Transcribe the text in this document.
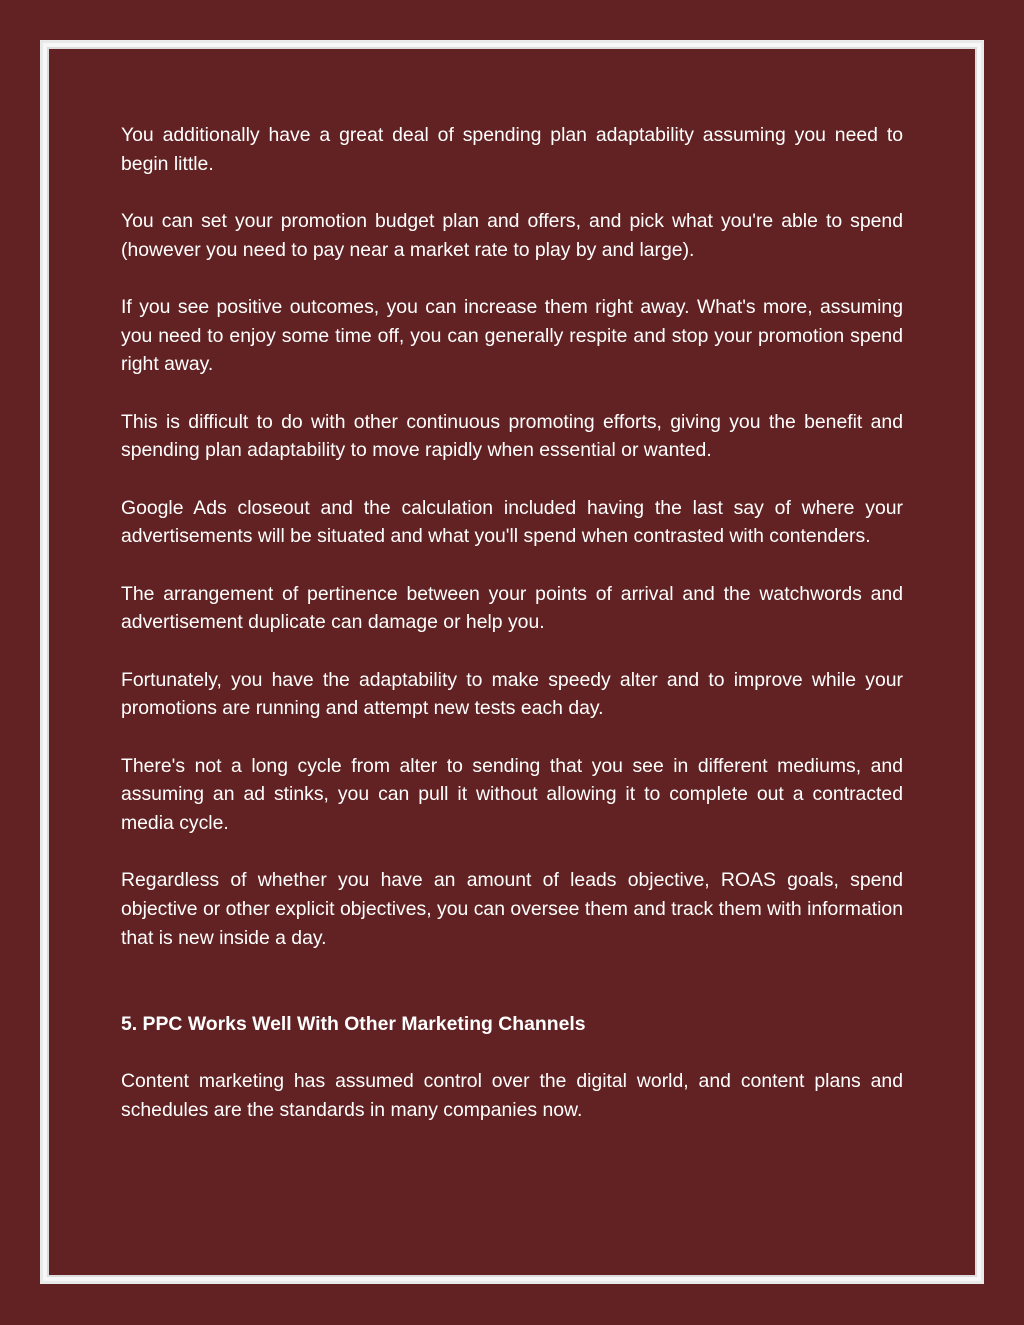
You additionally have a great deal of spending plan adaptability assuming you need to begin little.

You can set your promotion budget plan and offers, and pick what you're able to spend (however you need to pay near a market rate to play by and large).

If you see positive outcomes, you can increase them right away. What's more, assuming you need to enjoy some time off, you can generally respite and stop your promotion spend right away.

This is difficult to do with other continuous promoting efforts, giving you the benefit and spending plan adaptability to move rapidly when essential or wanted.

Google Ads closeout and the calculation included having the last say of where your advertisements will be situated and what you'll spend when contrasted with contenders.

The arrangement of pertinence between your points of arrival and the watchwords and advertisement duplicate can damage or help you.

Fortunately, you have the adaptability to make speedy alter and to improve while your promotions are running and attempt new tests each day.

There's not a long cycle from alter to sending that you see in different mediums, and assuming an ad stinks, you can pull it without allowing it to complete out a contracted media cycle.

Regardless of whether you have an amount of leads objective, ROAS goals, spend objective or other explicit objectives, you can oversee them and track them with information that is new inside a day.

5. PPC Works Well With Other Marketing Channels

Content marketing has assumed control over the digital world, and content plans and schedules are the standards in many companies now.
